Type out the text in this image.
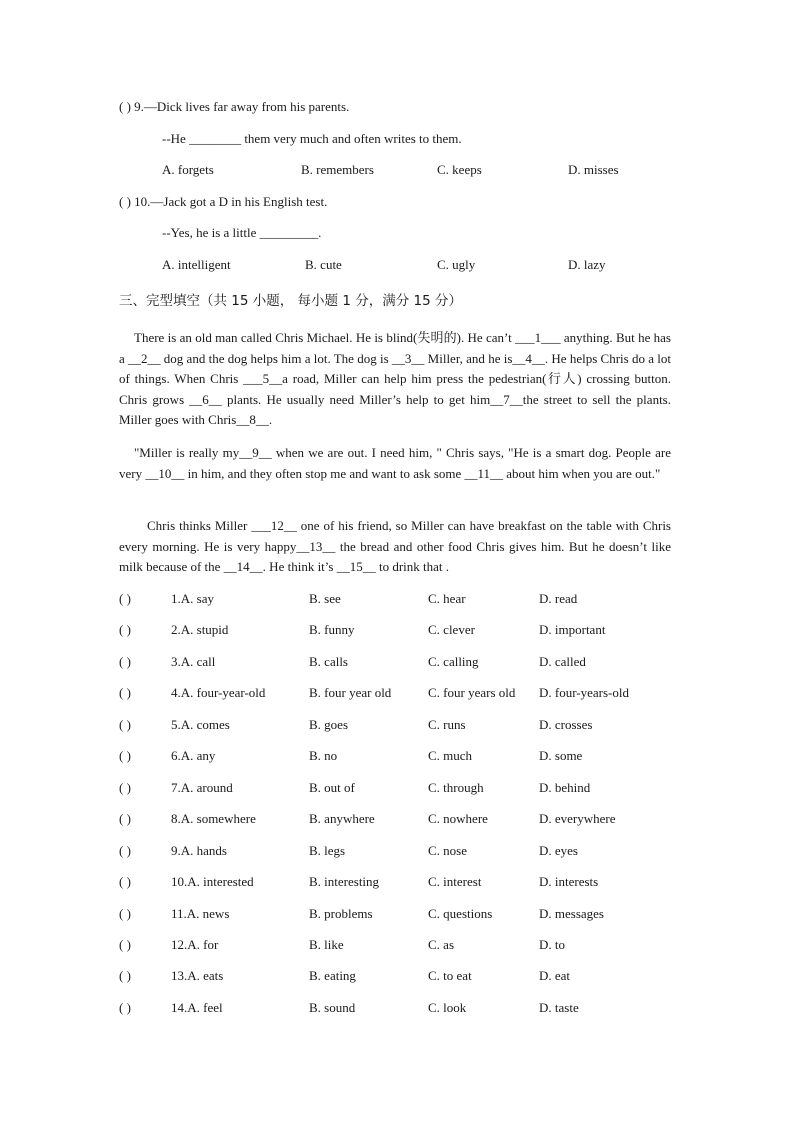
( ) 9.—Dick lives far away from his parents.
--He ________ them very much and often writes to them.
A. forgets	B. remembers	C. keeps	D. misses
( ) 10.—Jack got a D in his English test.
--Yes, he is a little _________.
A. intelligent	B. cute	C. ugly	D. lazy
三、完型填空（共 15 小题， 每小题 1 分，满分 15 分）

There is an old man called Chris Michael. He is blind(失明的). He can’t ___1___ anything. But he has a __2__ dog and the dog helps him a lot. The dog is __3__ Miller, and he is__4__. He helps Chris do a lot of things. When Chris ___5__a road, Miller can help him press the pedestrian(行人) crossing button. Chris grows __6__ plants. He usually need Miller’s help to get him__7__the street to sell the plants. Miller goes with Chris__8__.

"Miller is really my__9__ when we are out. I need him, " Chris says, "He is a smart dog. People are very __10__ in him, and they often stop me and want to ask some __11__ about him when you are out."

Chris thinks Miller ___12__ one of his friend, so Miller can have breakfast on the table with Chris every morning. He is very happy__13__ the bread and other food Chris gives him. But he doesn’t like milk because of the __14__. He think it’s __15__ to drink that .

( )	1.A. say	B. see	C. hear	D. read
( )	2.A. stupid	B. funny	C. clever	D. important
( )	3.A. call	B. calls	C. calling	D. called
( )	4.A. four-year-old	B. four year old	C. four years old D. four-years-old
( )	5.A. comes	B. goes	C. runs	D. crosses
( )	6.A. any	B. no	C. much	D. some
( )	7.A. around	B. out of	C. through	D. behind
( )	8.A. somewhere	B. anywhere	C. nowhere	D. everywhere
( )	9.A. hands	B. legs	C. nose	D. eyes
( )	10.A. interested	B. interesting	C. interest	D. interests
( )	11.A. news	B. problems	C. questions	D. messages
( )	12.A. for	B. like	C. as	D. to
( )	13.A. eats	B. eating	C. to eat	D. eat
( )	14.A. feel	B. sound	C. look	D. taste
